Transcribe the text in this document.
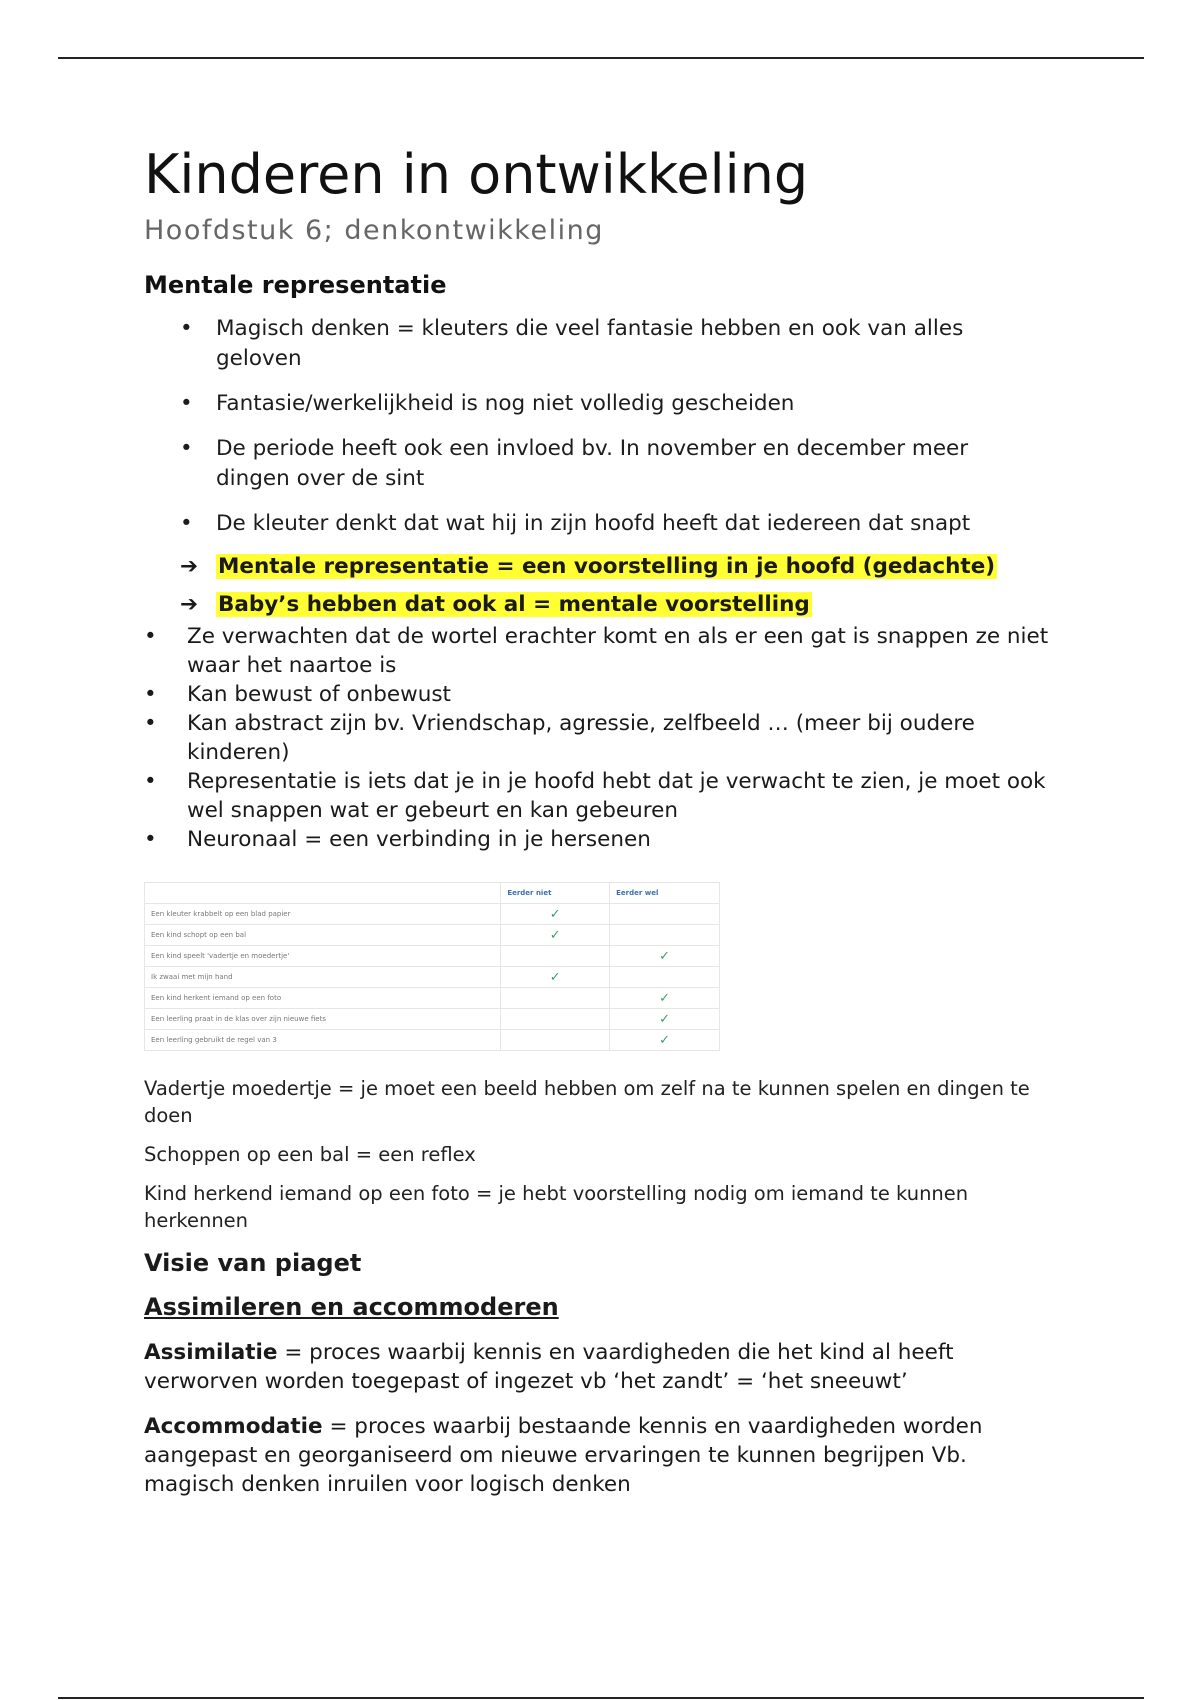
Kinderen in ontwikkeling
Hoofdstuk 6; denkontwikkeling
Mentale representatie
• Magisch denken = kleuters die veel fantasie hebben en ook van alles geloven
• Fantasie/werkelijkheid is nog niet volledig gescheiden
• De periode heeft ook een invloed bv. In november en december meer dingen over de sint
• De kleuter denkt dat wat hij in zijn hoofd heeft dat iedereen dat snapt
➔ Mentale representatie = een voorstelling in je hoofd (gedachte)
➔ Baby’s hebben dat ook al = mentale voorstelling
• Ze verwachten dat de wortel erachter komt en als er een gat is snappen ze niet waar het naartoe is
• Kan bewust of onbewust
• Kan abstract zijn bv. Vriendschap, agressie, zelfbeeld … (meer bij oudere kinderen)
• Representatie is iets dat je in je hoofd hebt dat je verwacht te zien, je moet ook wel snappen wat er gebeurt en kan gebeuren
• Neuronaal = een verbinding in je hersenen
	Eerder niet	Eerder wel
Een kleuter krabbelt op een blad papier	✓	
Een kind schopt op een bal	✓	
Een kind speelt 'vadertje en moedertje'		✓
Ik zwaai met mijn hand	✓	
Een kind herkent iemand op een foto		✓
Een leerling praat in de klas over zijn nieuwe fiets		✓
Een leerling gebruikt de regel van 3		✓
Vadertje moedertje = je moet een beeld hebben om zelf na te kunnen spelen en dingen te doen
Schoppen op een bal = een reflex
Kind herkend iemand op een foto = je hebt voorstelling nodig om iemand te kunnen herkennen
Visie van piaget
Assimileren en accommoderen
Assimilatie = proces waarbij kennis en vaardigheden die het kind al heeft verworven worden toegepast of ingezet vb ‘het zandt’ = ‘het sneeuwt’
Accommodatie = proces waarbij bestaande kennis en vaardigheden worden aangepast en georganiseerd om nieuwe ervaringen te kunnen begrijpen Vb. magisch denken inruilen voor logisch denken
